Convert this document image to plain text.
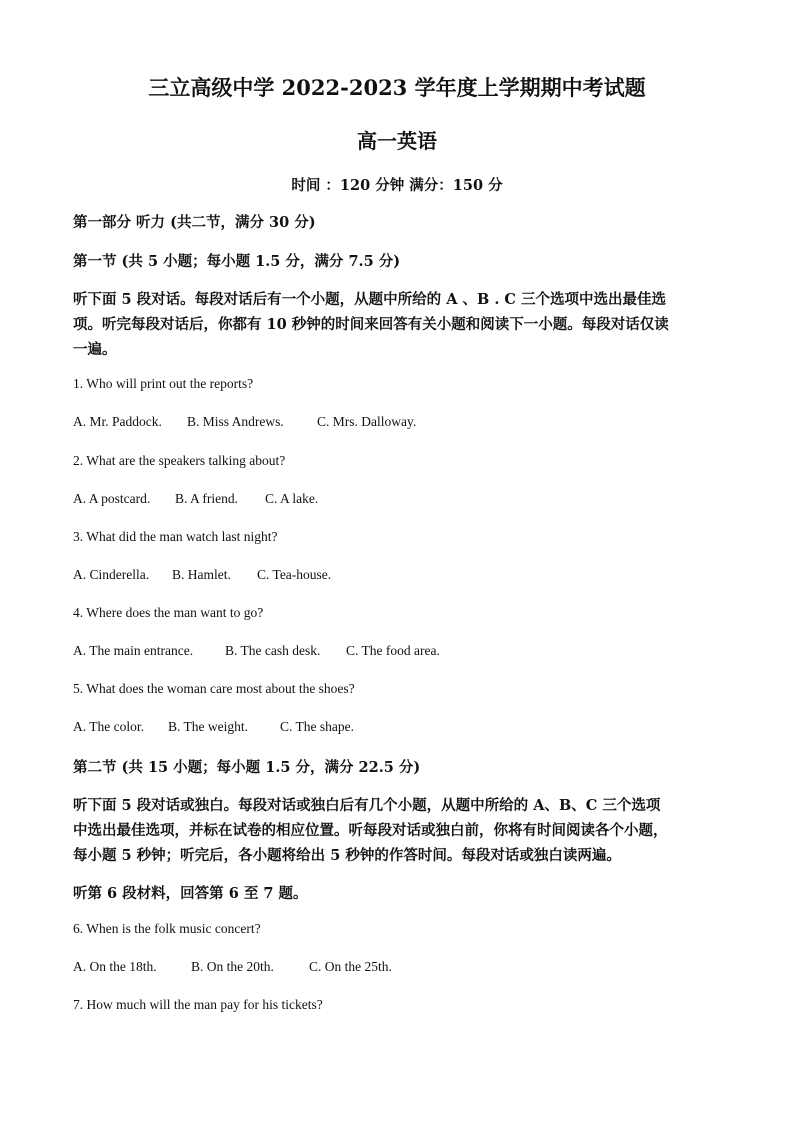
三立高级中学 2022-2023 学年度上学期期中考试题
高一英语
时间 ：120 分钟 满分：150 分
第一部分 听力 (共二节，满分 30 分)
第一节 (共 5 小题；每小题 1.5 分，满分 7.5 分)
听下面 5 段对话。每段对话后有一个小题，从题中所给的 A 、B . C 三个选项中选出最佳选
项。听完每段对话后，你都有 10 秒钟的时间来回答有关小题和阅读下一小题。每段对话仅读
一遍。
1. Who will print out the reports?
A. Mr. Paddock. B. Miss Andrews. C. Mrs. Dalloway.
2. What are the speakers talking about?
A. A postcard. B. A friend. C. A lake.
3. What did the man watch last night?
A. Cinderella. B. Hamlet. C. Tea-house.
4. Where does the man want to go?
A. The main entrance. B. The cash desk. C. The food area.
5. What does the woman care most about the shoes?
A. The color. B. The weight. C. The shape.
第二节 (共 15 小题；每小题 1.5 分，满分 22.5 分)
听下面 5 段对话或独白。每段对话或独白后有几个小题，从题中所给的 A、B、C 三个选项
中选出最佳选项，并标在试卷的相应位置。听每段对话或独白前，你将有时间阅读各个小题，
每小题 5 秒钟；听完后，各小题将给出 5 秒钟的作答时间。每段对话或独白读两遍。
听第 6 段材料，回答第 6 至 7 题。
6. When is the folk music concert?
A. On the 18th.	B. On the 20th.	C. On the 25th.
7. How much will the man pay for his tickets?
